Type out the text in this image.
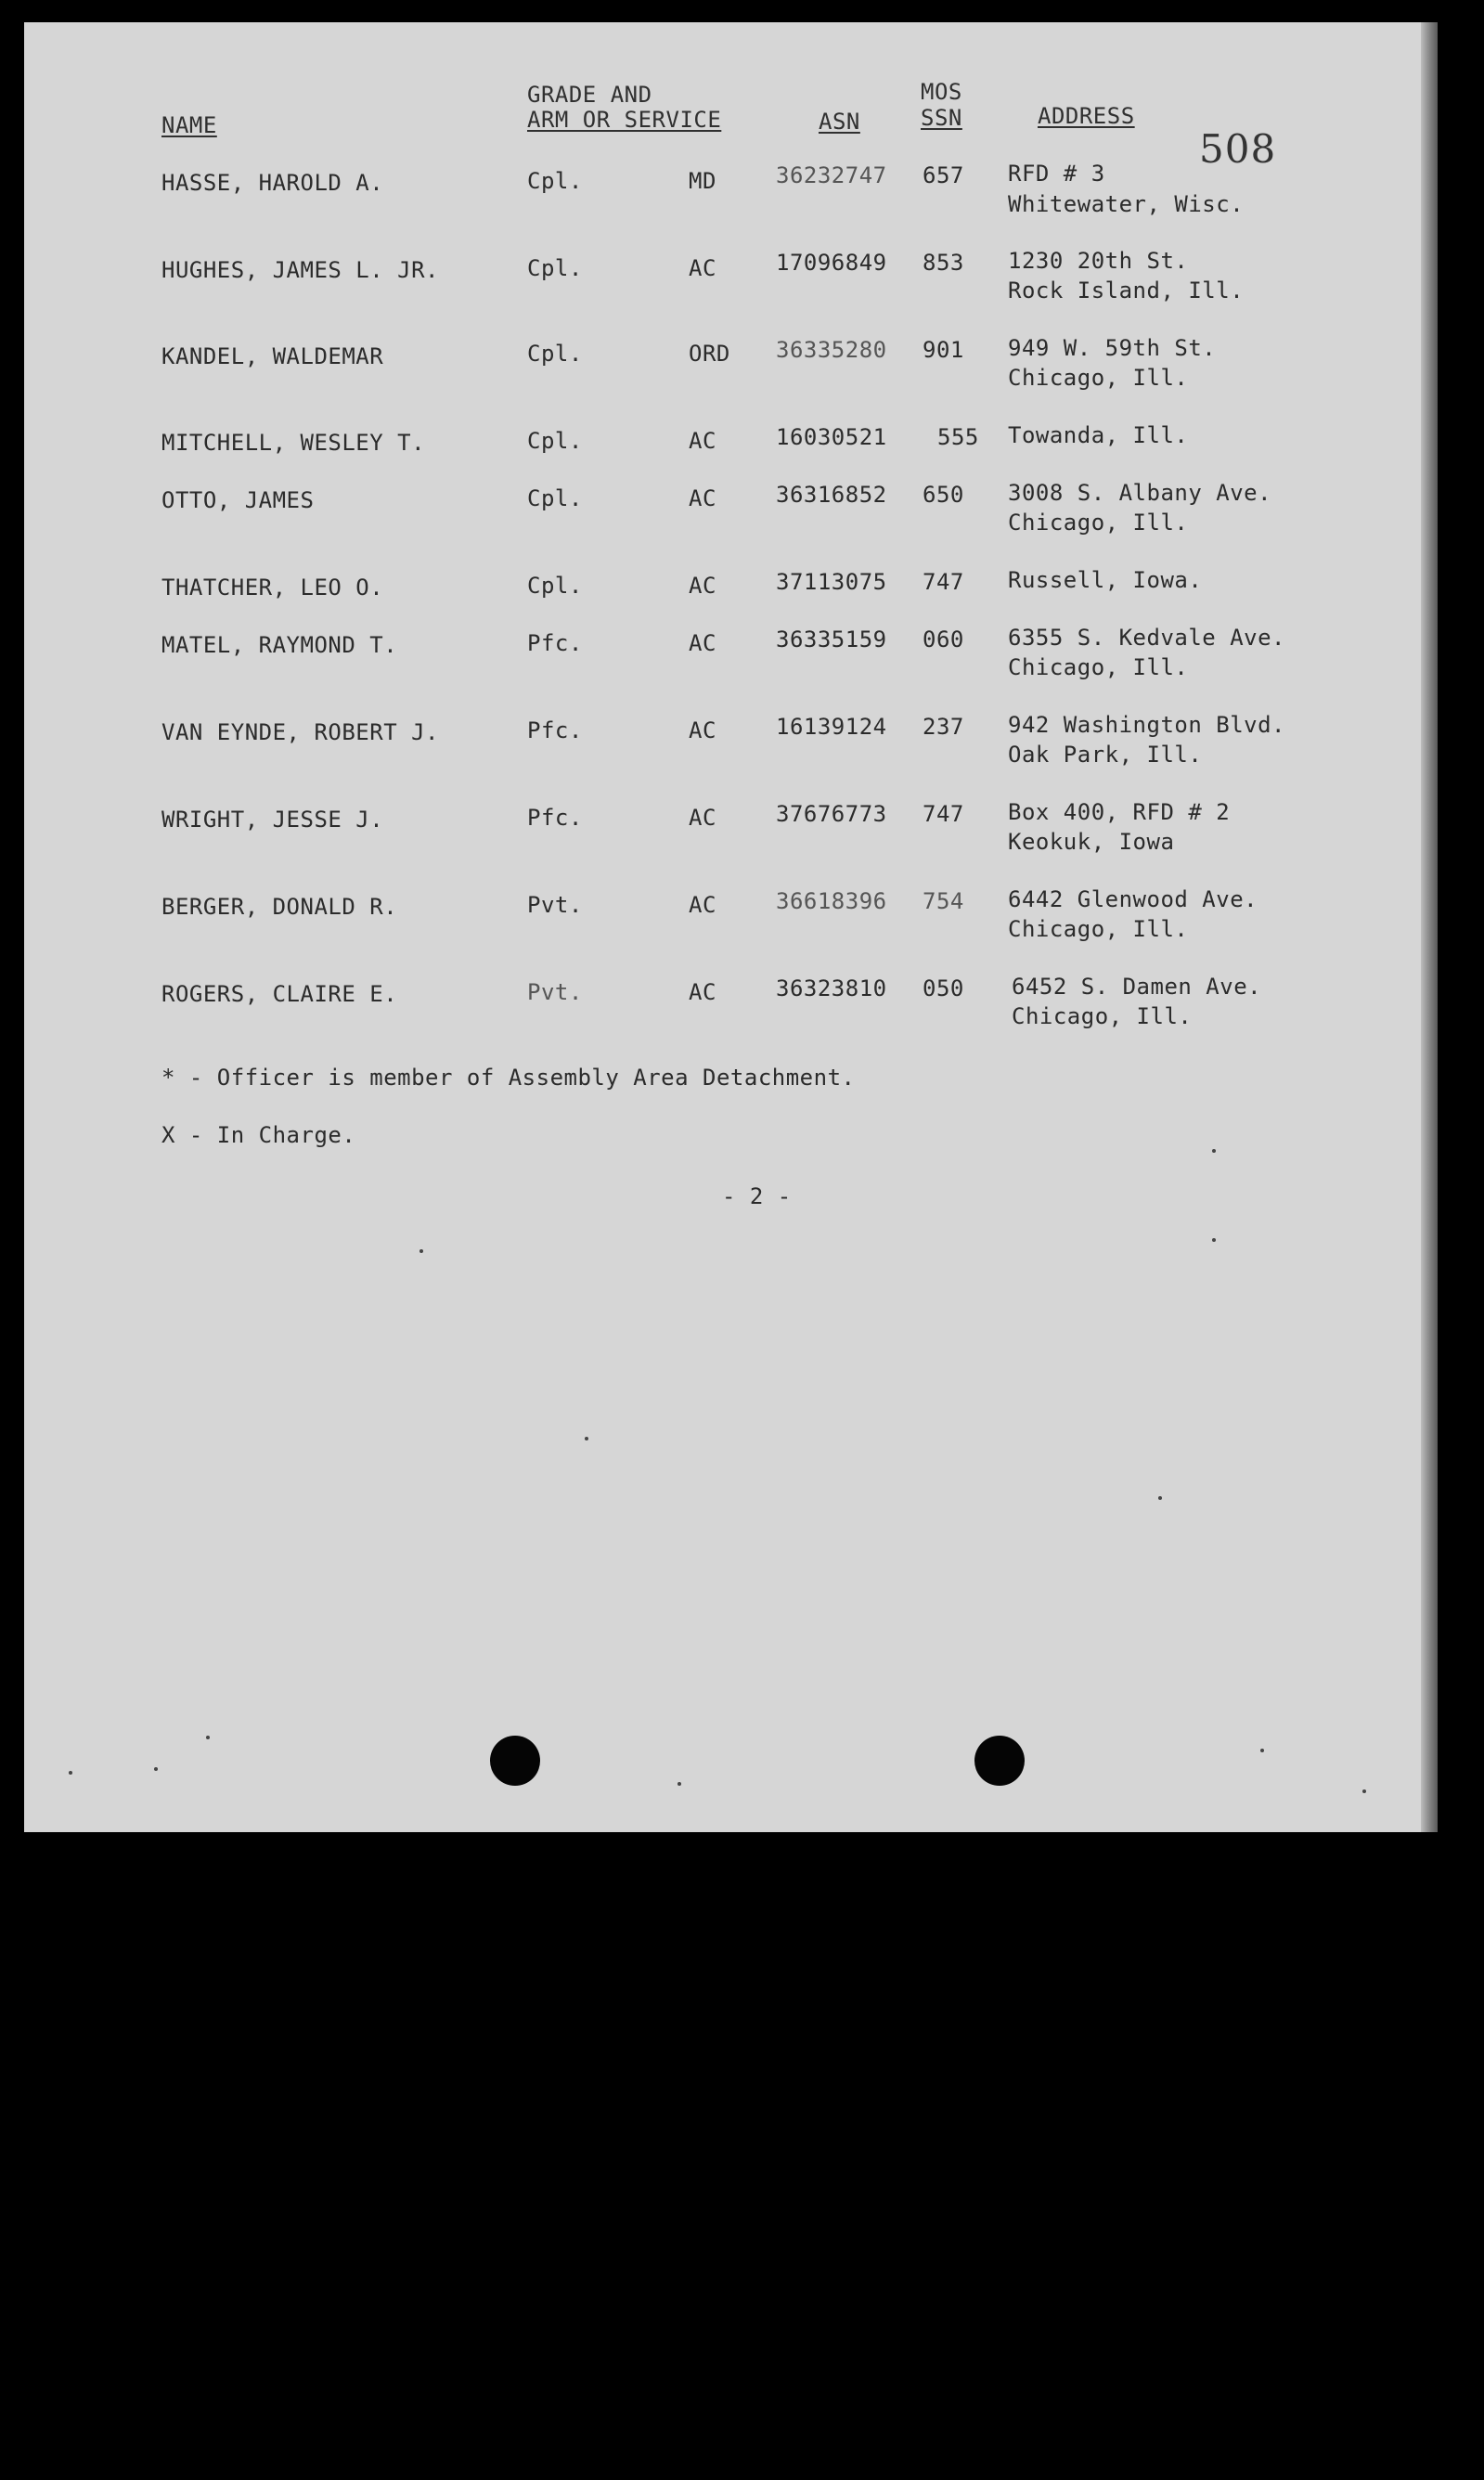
508
NAME
GRADE AND
ARM OR SERVICE	ASN
MOS
SSN	ADDRESS
HASSE, HAROLD A.	Cpl.	MD	36232747 657 RFD # 3
Whitewater, Wisc.
HUGHES, JAMES L. JR.	Cpl.	AC	17096849 853 1230 20th St.
Rock Island, Ill.
KANDEL, WALDEMAR	Cpl.	ORD 36335280 901 949 W. 59th St.
Chicago, Ill.
MITCHELL, WESLEY T.	Cpl.	AC	16030521 555 Towanda, Ill.
OTTO, JAMES	Cpl.	AC	36316852 650 3008 S. Albany Ave.
Chicago, Ill.
THATCHER, LEO O.	Cpl.	AC	37113075 747 Russell, Iowa.
MATEL, RAYMOND T.	Pfc.	AC	36335159 060 6355 S. Kedvale Ave.
Chicago, Ill.
VAN EYNDE, ROBERT J.	Pfc.	AC	16139124 237 942 Washington Blvd.
Oak Park, Ill.
WRIGHT, JESSE J.	Pfc.	AC	37676773 747 Box 400, RFD # 2
Keokuk, Iowa
BERGER, DONALD R.	Pvt.	AC	36618396 754 6442 Glenwood Ave.
Chicago, Ill.
ROGERS, CLAIRE E.	Pvt.	AC	36323810 050 6452 S. Damen Ave.
Chicago, Ill.
* - Officer is member of Assembly Area Detachment.
X - In Charge.
- 2 -
